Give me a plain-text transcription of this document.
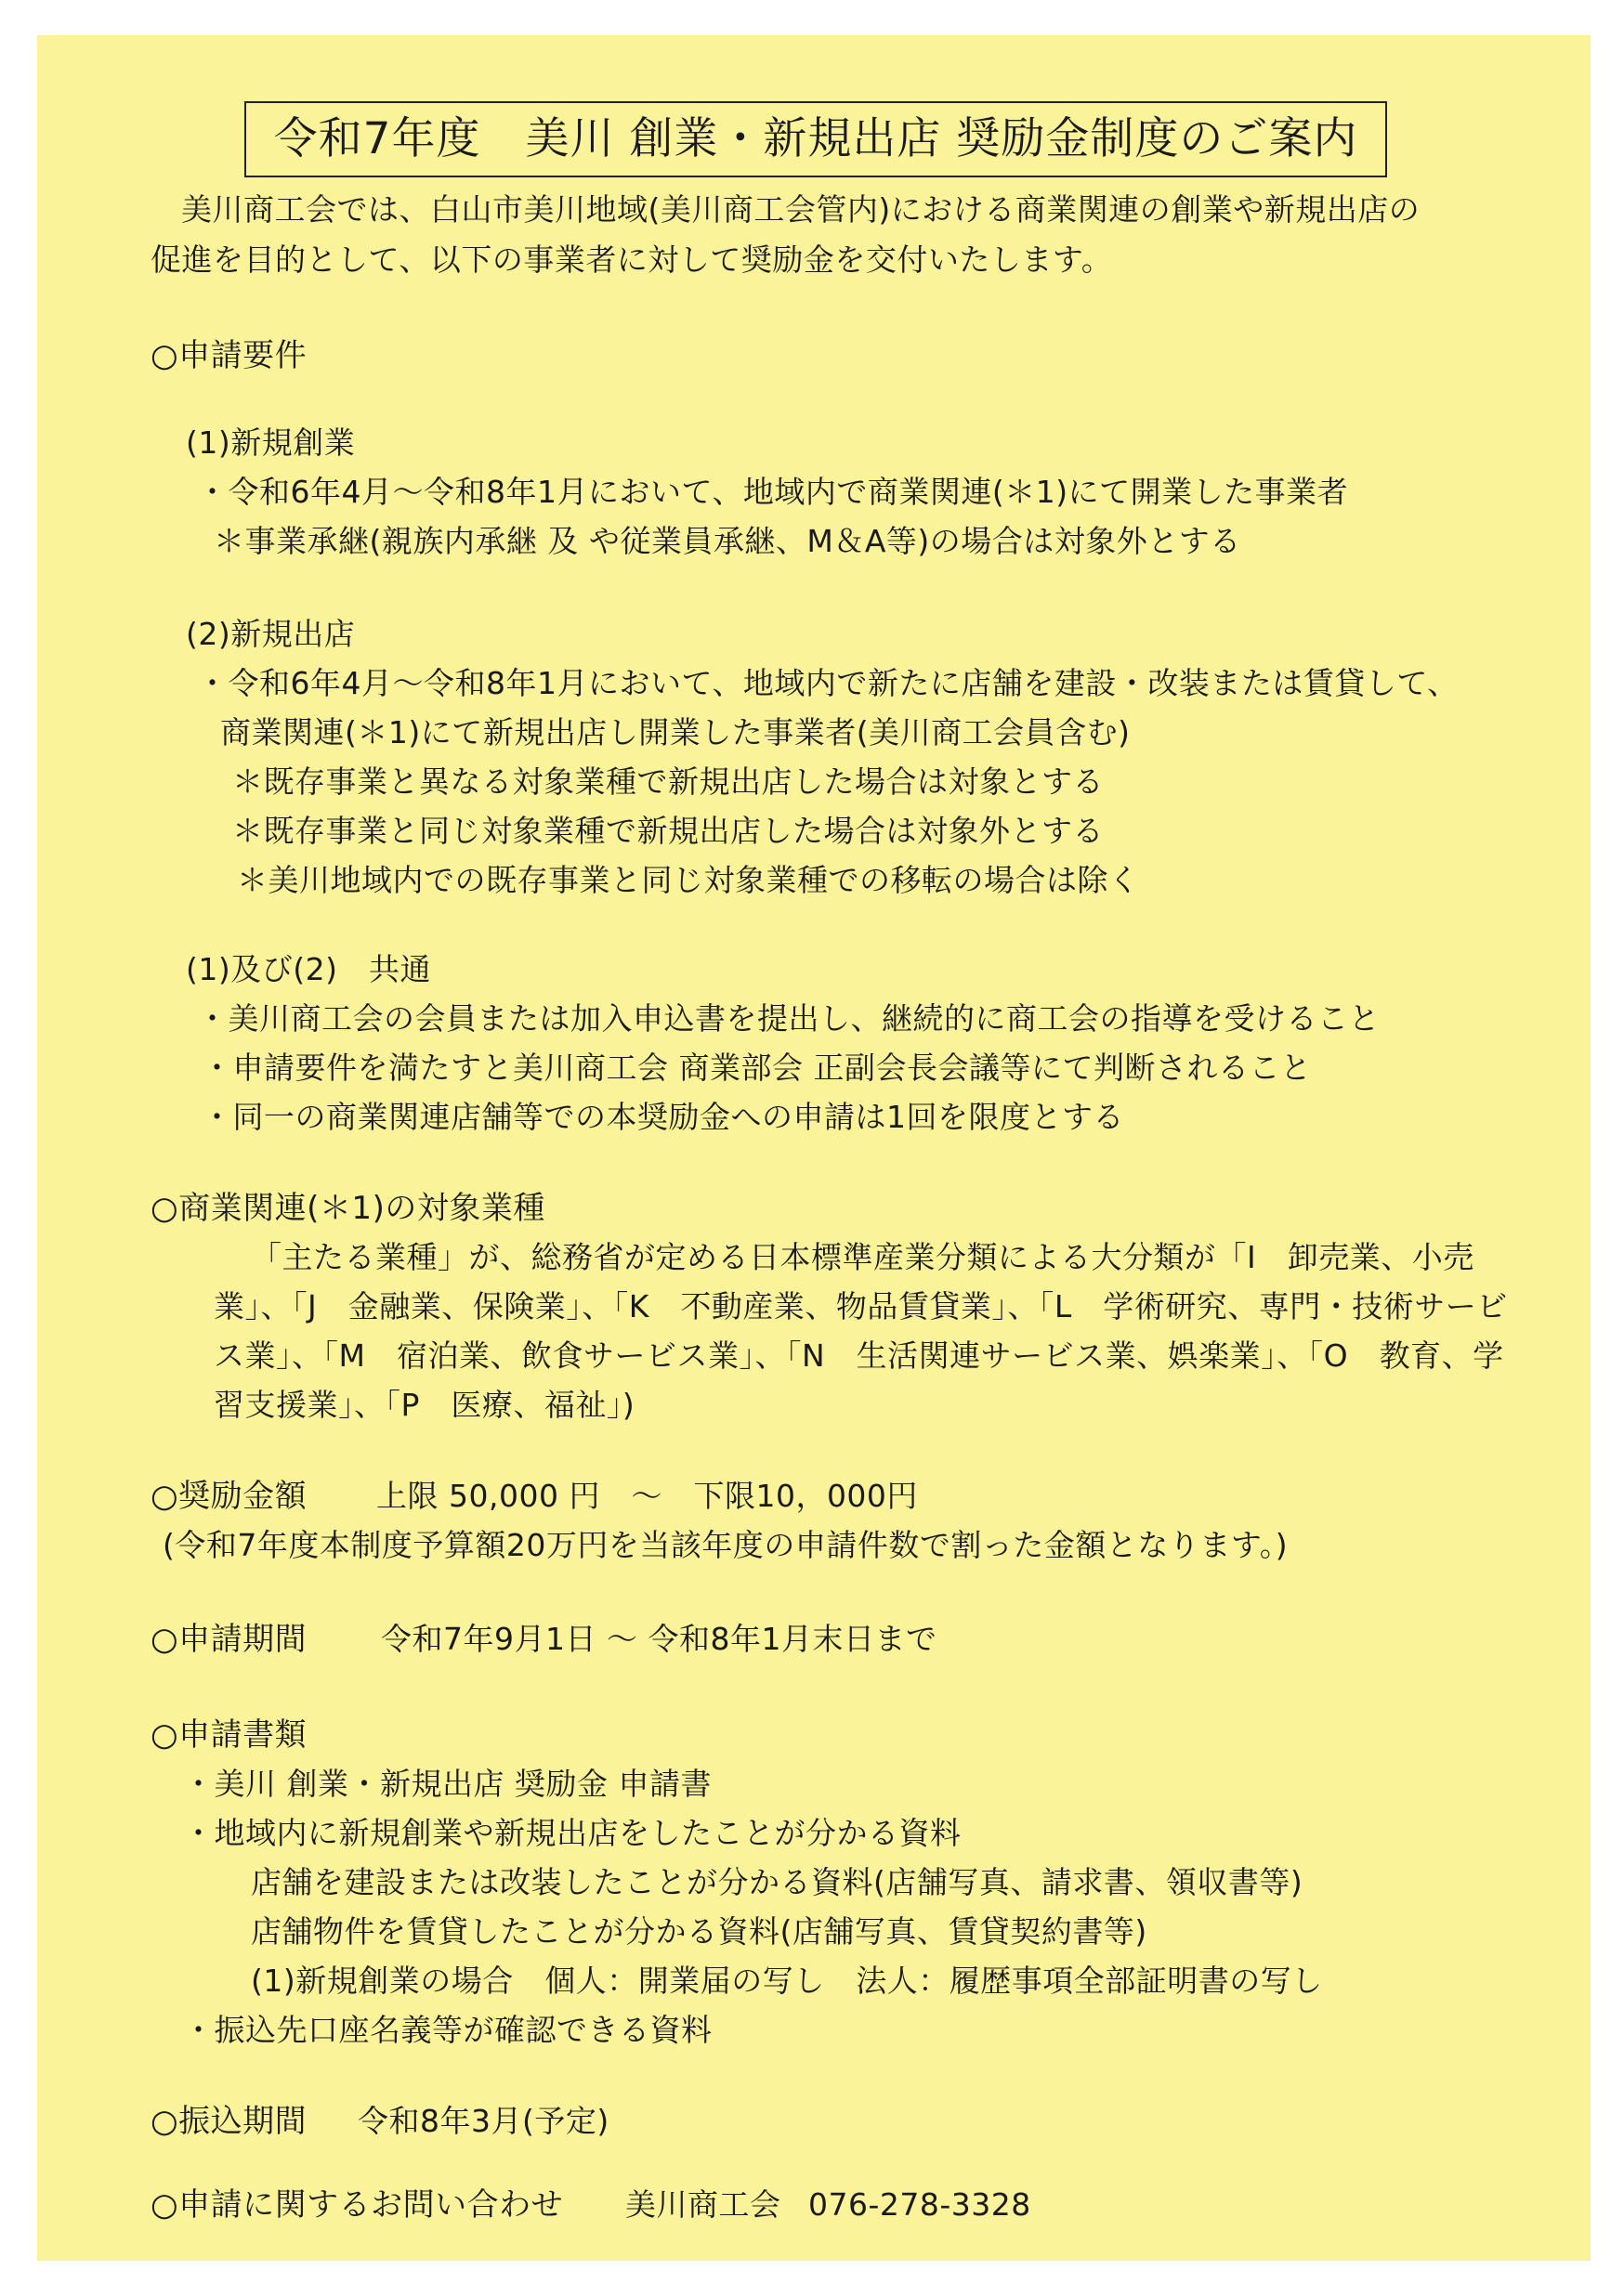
令和7年度　美川 創業・新規出店 奨励金制度のご案内
美川商工会では、白山市美川地域(美川商工会管内)における商業関連の創業や新規出店の
促進を目的として、以下の事業者に対して奨励金を交付いたします。
○申請要件
(1)新規創業
・令和6年4月～令和8年1月において、地域内で商業関連(＊1)にて開業した事業者
＊事業承継(親族内承継 及 や従業員承継、M＆A等)の場合は対象外とする
(2)新規出店
・令和6年4月～令和8年1月において、地域内で新たに店舗を建設・改装または賃貸して、
商業関連(＊1)にて新規出店し開業した事業者(美川商工会員含む)
＊既存事業と異なる対象業種で新規出店した場合は対象とする
＊既存事業と同じ対象業種で新規出店した場合は対象外とする
＊美川地域内での既存事業と同じ対象業種での移転の場合は除く
(1)及び(2)　共通
・美川商工会の会員または加入申込書を提出し、継続的に商工会の指導を受けること
・申請要件を満たすと美川商工会 商業部会 正副会長会議等にて判断されること
・同一の商業関連店舗等での本奨励金への申請は1回を限度とする
○商業関連(＊1)の対象業種
「主たる業種」が、総務省が定める日本標準産業分類による大分類が「I　卸売業、小売
業」、「J　金融業、保険業」、「K　不動産業、物品賃貸業」、「L　学術研究、専門・技術サービ
ス業」、「M　宿泊業、飲食サービス業」、「N　生活関連サービス業、娯楽業」、「O　教育、学
習支援業」、「P　医療、福祉」)
○奨励金額 上限 50,000 円　～　下限10，000円
(令和7年度本制度予算額20万円を当該年度の申請件数で割った金額となります。)
○申請期間 令和7年9月1日 ～ 令和8年1月末日まで
○申請書類
・美川 創業・新規出店 奨励金 申請書
・地域内に新規創業や新規出店をしたことが分かる資料
店舗を建設または改装したことが分かる資料(店舗写真、請求書、領収書等)
店舗物件を賃貸したことが分かる資料(店舗写真、賃貸契約書等)
(1)新規創業の場合　個人：開業届の写し　法人：履歴事項全部証明書の写し
・振込先口座名義等が確認できる資料
○振込期間 令和8年3月(予定)
○申請に関するお問い合わせ 美川商工会 076-278-3328
